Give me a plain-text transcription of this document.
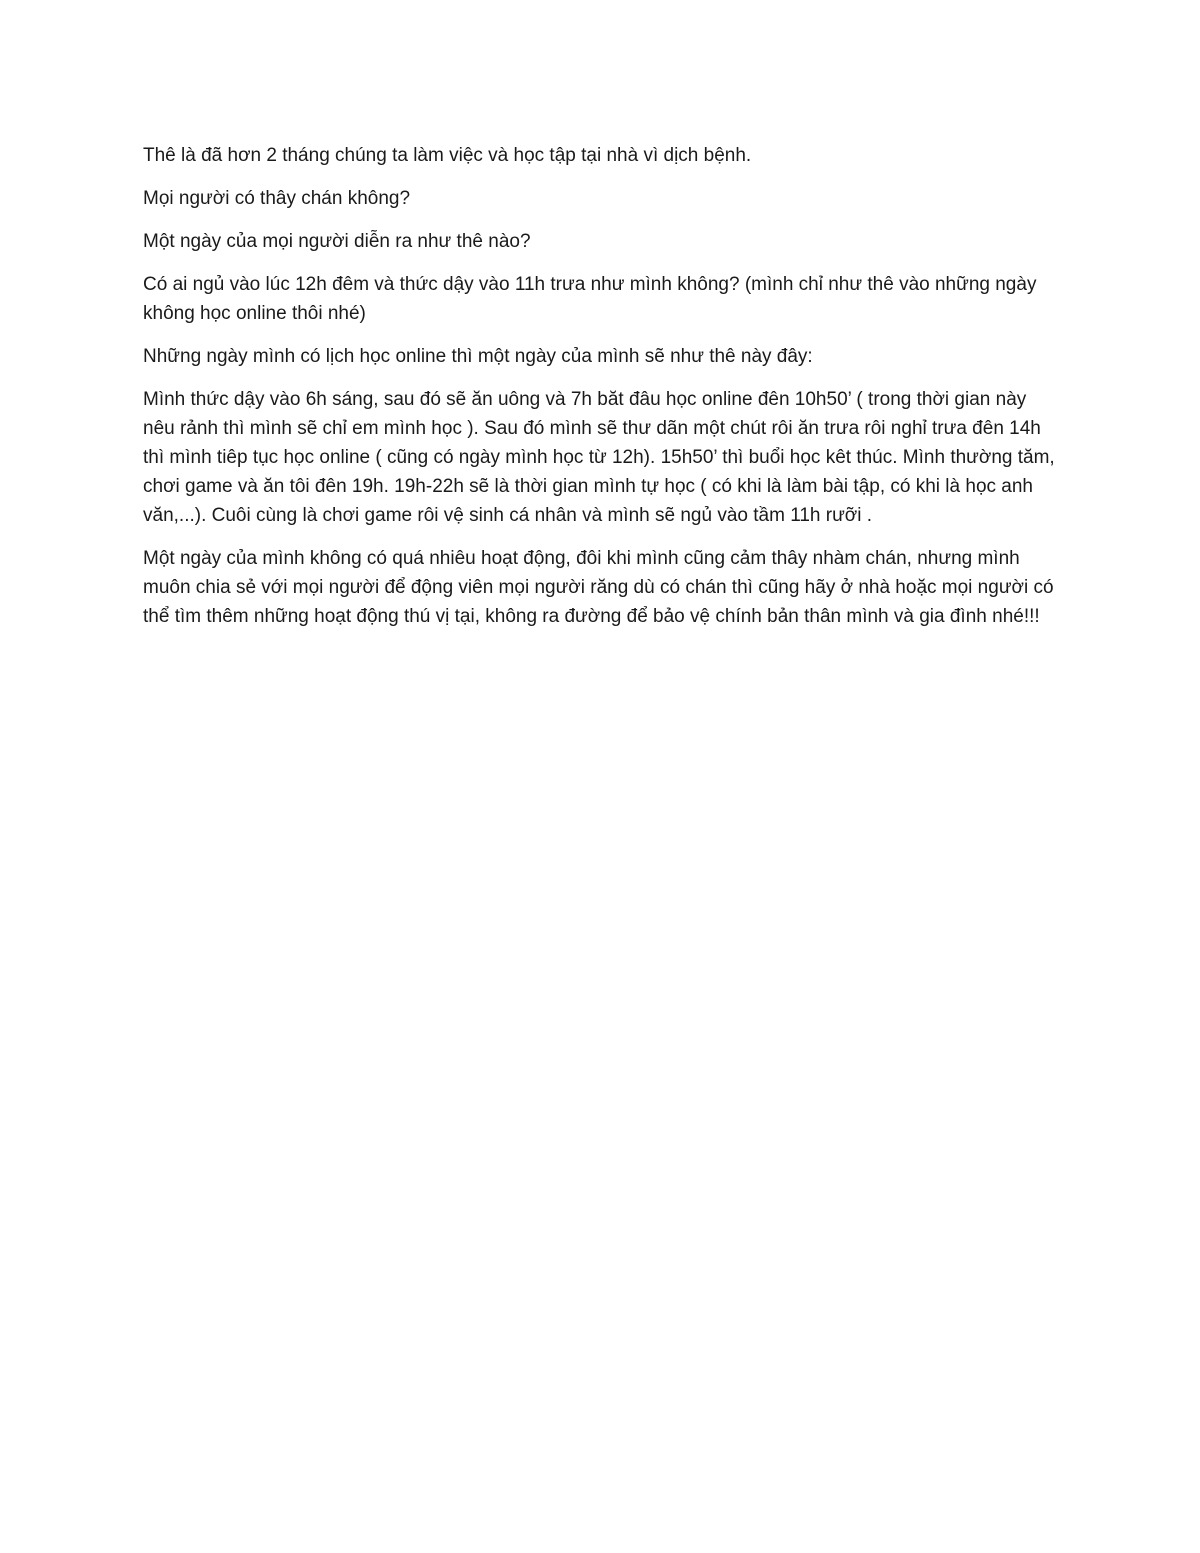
Thê là đã hơn 2 tháng chúng ta làm việc và học tập tại nhà vì dịch bệnh.

Mọi người có thây chán không?

Một ngày của mọi người diễn ra như thê nào?

Có ai ngủ vào lúc 12h đêm và thức dậy vào 11h trưa như mình không? (mình chỉ như thê vào những ngày không học online thôi nhé)

Những ngày mình có lịch học online thì một ngày của mình sẽ như thê này đây:

Mình thức dậy vào 6h sáng, sau đó sẽ ăn uông và 7h băt đâu học online đên 10h50’ ( trong thời gian này nêu rảnh thì mình sẽ chỉ em mình học ). Sau đó mình sẽ thư dãn một chút rôi ăn trưa rôi nghỉ trưa đên 14h thì mình tiêp tục học online ( cũng có ngày mình học từ 12h). 15h50’ thì buổi học kêt thúc. Mình thường tăm, chơi game và ăn tôi đên 19h. 19h-22h sẽ là thời gian mình tự học ( có khi là làm bài tập, có khi là học anh văn,...). Cuôi cùng là chơi game rôi vệ sinh cá nhân và mình sẽ ngủ vào tầm 11h rưỡi .

Một ngày của mình không có quá nhiêu hoạt động, đôi khi mình cũng cảm thây nhàm chán, nhưng mình muôn chia sẻ với mọi người để động viên mọi người răng dù có chán thì cũng hãy ở nhà hoặc mọi người có thể tìm thêm những hoạt động thú vị tại, không ra đường để bảo vệ chính bản thân mình và gia đình nhé!!!
